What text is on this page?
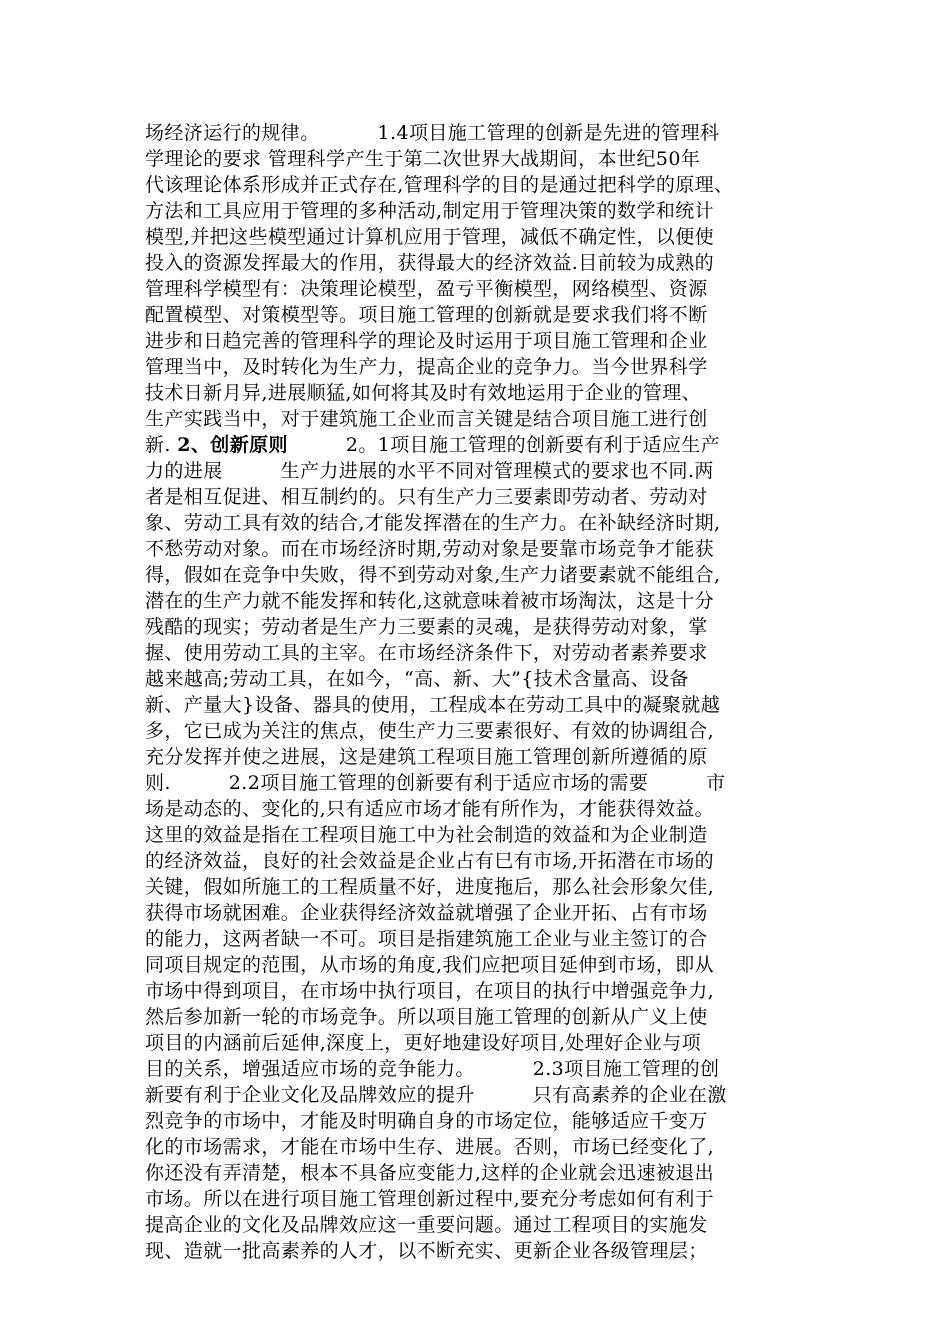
场经济运行的规律。         1.4项目施工管理的创新是先进的管理科
学理论的要求 管理科学产生于第二次世界大战期间，本世纪50年
代该理论体系形成并正式存在,管理科学的目的是通过把科学的原理、
方法和工具应用于管理的多种活动,制定用于管理决策的数学和统计
模型,并把这些模型通过计算机应用于管理，减低不确定性，以便使
投入的资源发挥最大的作用，获得最大的经济效益.目前较为成熟的
管理科学模型有：决策理论模型，盈亏平衡模型，网络模型、资源
配置模型、对策模型等。项目施工管理的创新就是要求我们将不断
进步和日趋完善的管理科学的理论及时运用于项目施工管理和企业
管理当中，及时转化为生产力，提高企业的竞争力。当今世界科学
技术日新月异,进展顺猛,如何将其及时有效地运用于企业的管理、
生产实践当中，对于建筑施工企业而言关键是结合项目施工进行创
新. 2、创新原则         2。1项目施工管理的创新要有利于适应生产
力的进展         生产力进展的水平不同对管理模式的要求也不同.两
者是相互促进、相互制约的。只有生产力三要素即劳动者、劳动对
象、劳动工具有效的结合,才能发挥潜在的生产力。在补缺经济时期,
不愁劳动对象。而在市场经济时期,劳动对象是要靠市场竞争才能获
得，假如在竞争中失败，得不到劳动对象,生产力诸要素就不能组合,
潜在的生产力就不能发挥和转化,这就意味着被市场淘汰，这是十分
残酷的现实；劳动者是生产力三要素的灵魂，是获得劳动对象，掌
握、使用劳动工具的主宰。在市场经济条件下，对劳动者素养要求
越来越高;劳动工具，在如今，“高、新、大”{技术含量高、设备
新、产量大}设备、器具的使用，工程成本在劳动工具中的凝聚就越
多，它已成为关注的焦点，使生产力三要素很好、有效的协调组合,
充分发挥并使之进展，这是建筑工程项目施工管理创新所遵循的原
则.         2.2项目施工管理的创新要有利于适应市场的需要         市
场是动态的、变化的,只有适应市场才能有所作为，才能获得效益。
这里的效益是指在工程项目施工中为社会制造的效益和为企业制造
的经济效益，良好的社会效益是企业占有巳有市场,开拓潜在市场的
关键，假如所施工的工程质量不好，进度拖后，那么社会形象欠佳,
获得市场就困难。企业获得经济效益就增强了企业开拓、占有市场
的能力，这两者缺一不可。项目是指建筑施工企业与业主签订的合
同项目规定的范围，从市场的角度,我们应把项目延伸到市场，即从
市场中得到项目，在市场中执行项目，在项目的执行中增强竞争力,
然后参加新一轮的市场竞争。所以项目施工管理的创新从广义上使
项目的内涵前后延伸,深度上，更好地建设好项目,处理好企业与项
目的关系，增强适应市场的竞争能力。         2.3项目施工管理的创
新要有利于企业文化及品牌效应的提升         只有高素养的企业在激
烈竞争的市场中，才能及时明确自身的市场定位，能够适应千变万
化的市场需求，才能在市场中生存、进展。否则，市场已经变化了,
你还没有弄清楚，根本不具备应变能力,这样的企业就会迅速被退出
市场。所以在进行项目施工管理创新过程中,要充分考虑如何有利于
提高企业的文化及品牌效应这一重要问题。通过工程项目的实施发
现、造就一批高素养的人才，以不断充实、更新企业各级管理层；
